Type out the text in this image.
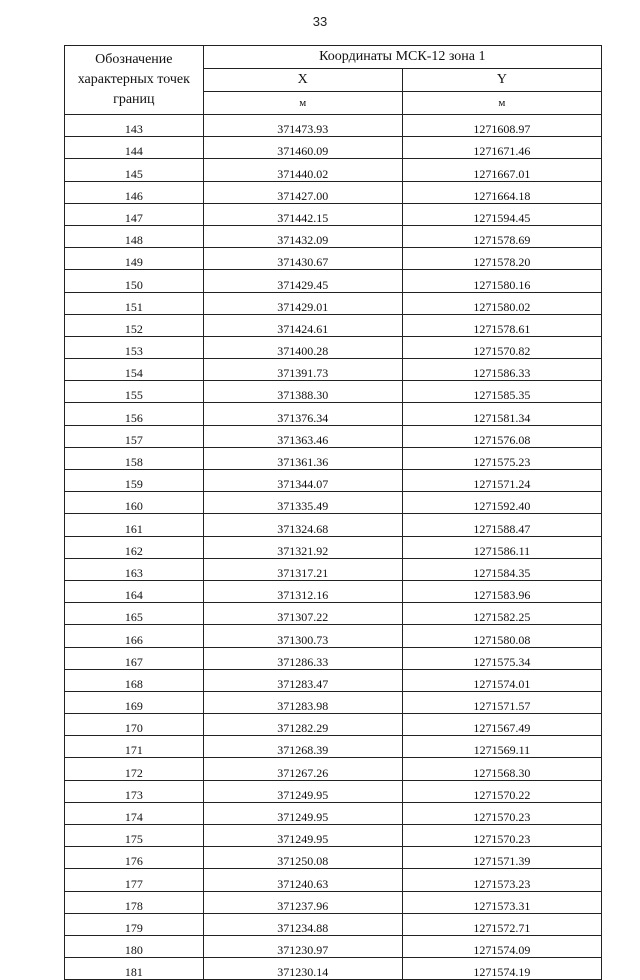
33
Обозначение характерных точек границ	Координаты МСК-12 зона 1	
	X	Y
	м	м
143	371473.93	1271608.97
144	371460.09	1271671.46
145	371440.02	1271667.01
146	371427.00	1271664.18
147	371442.15	1271594.45
148	371432.09	1271578.69
149	371430.67	1271578.20
150	371429.45	1271580.16
151	371429.01	1271580.02
152	371424.61	1271578.61
153	371400.28	1271570.82
154	371391.73	1271586.33
155	371388.30	1271585.35
156	371376.34	1271581.34
157	371363.46	1271576.08
158	371361.36	1271575.23
159	371344.07	1271571.24
160	371335.49	1271592.40
161	371324.68	1271588.47
162	371321.92	1271586.11
163	371317.21	1271584.35
164	371312.16	1271583.96
165	371307.22	1271582.25
166	371300.73	1271580.08
167	371286.33	1271575.34
168	371283.47	1271574.01
169	371283.98	1271571.57
170	371282.29	1271567.49
171	371268.39	1271569.11
172	371267.26	1271568.30
173	371249.95	1271570.22
174	371249.95	1271570.23
175	371249.95	1271570.23
176	371250.08	1271571.39
177	371240.63	1271573.23
178	371237.96	1271573.31
179	371234.88	1271572.71
180	371230.97	1271574.09
181	371230.14	1271574.19
